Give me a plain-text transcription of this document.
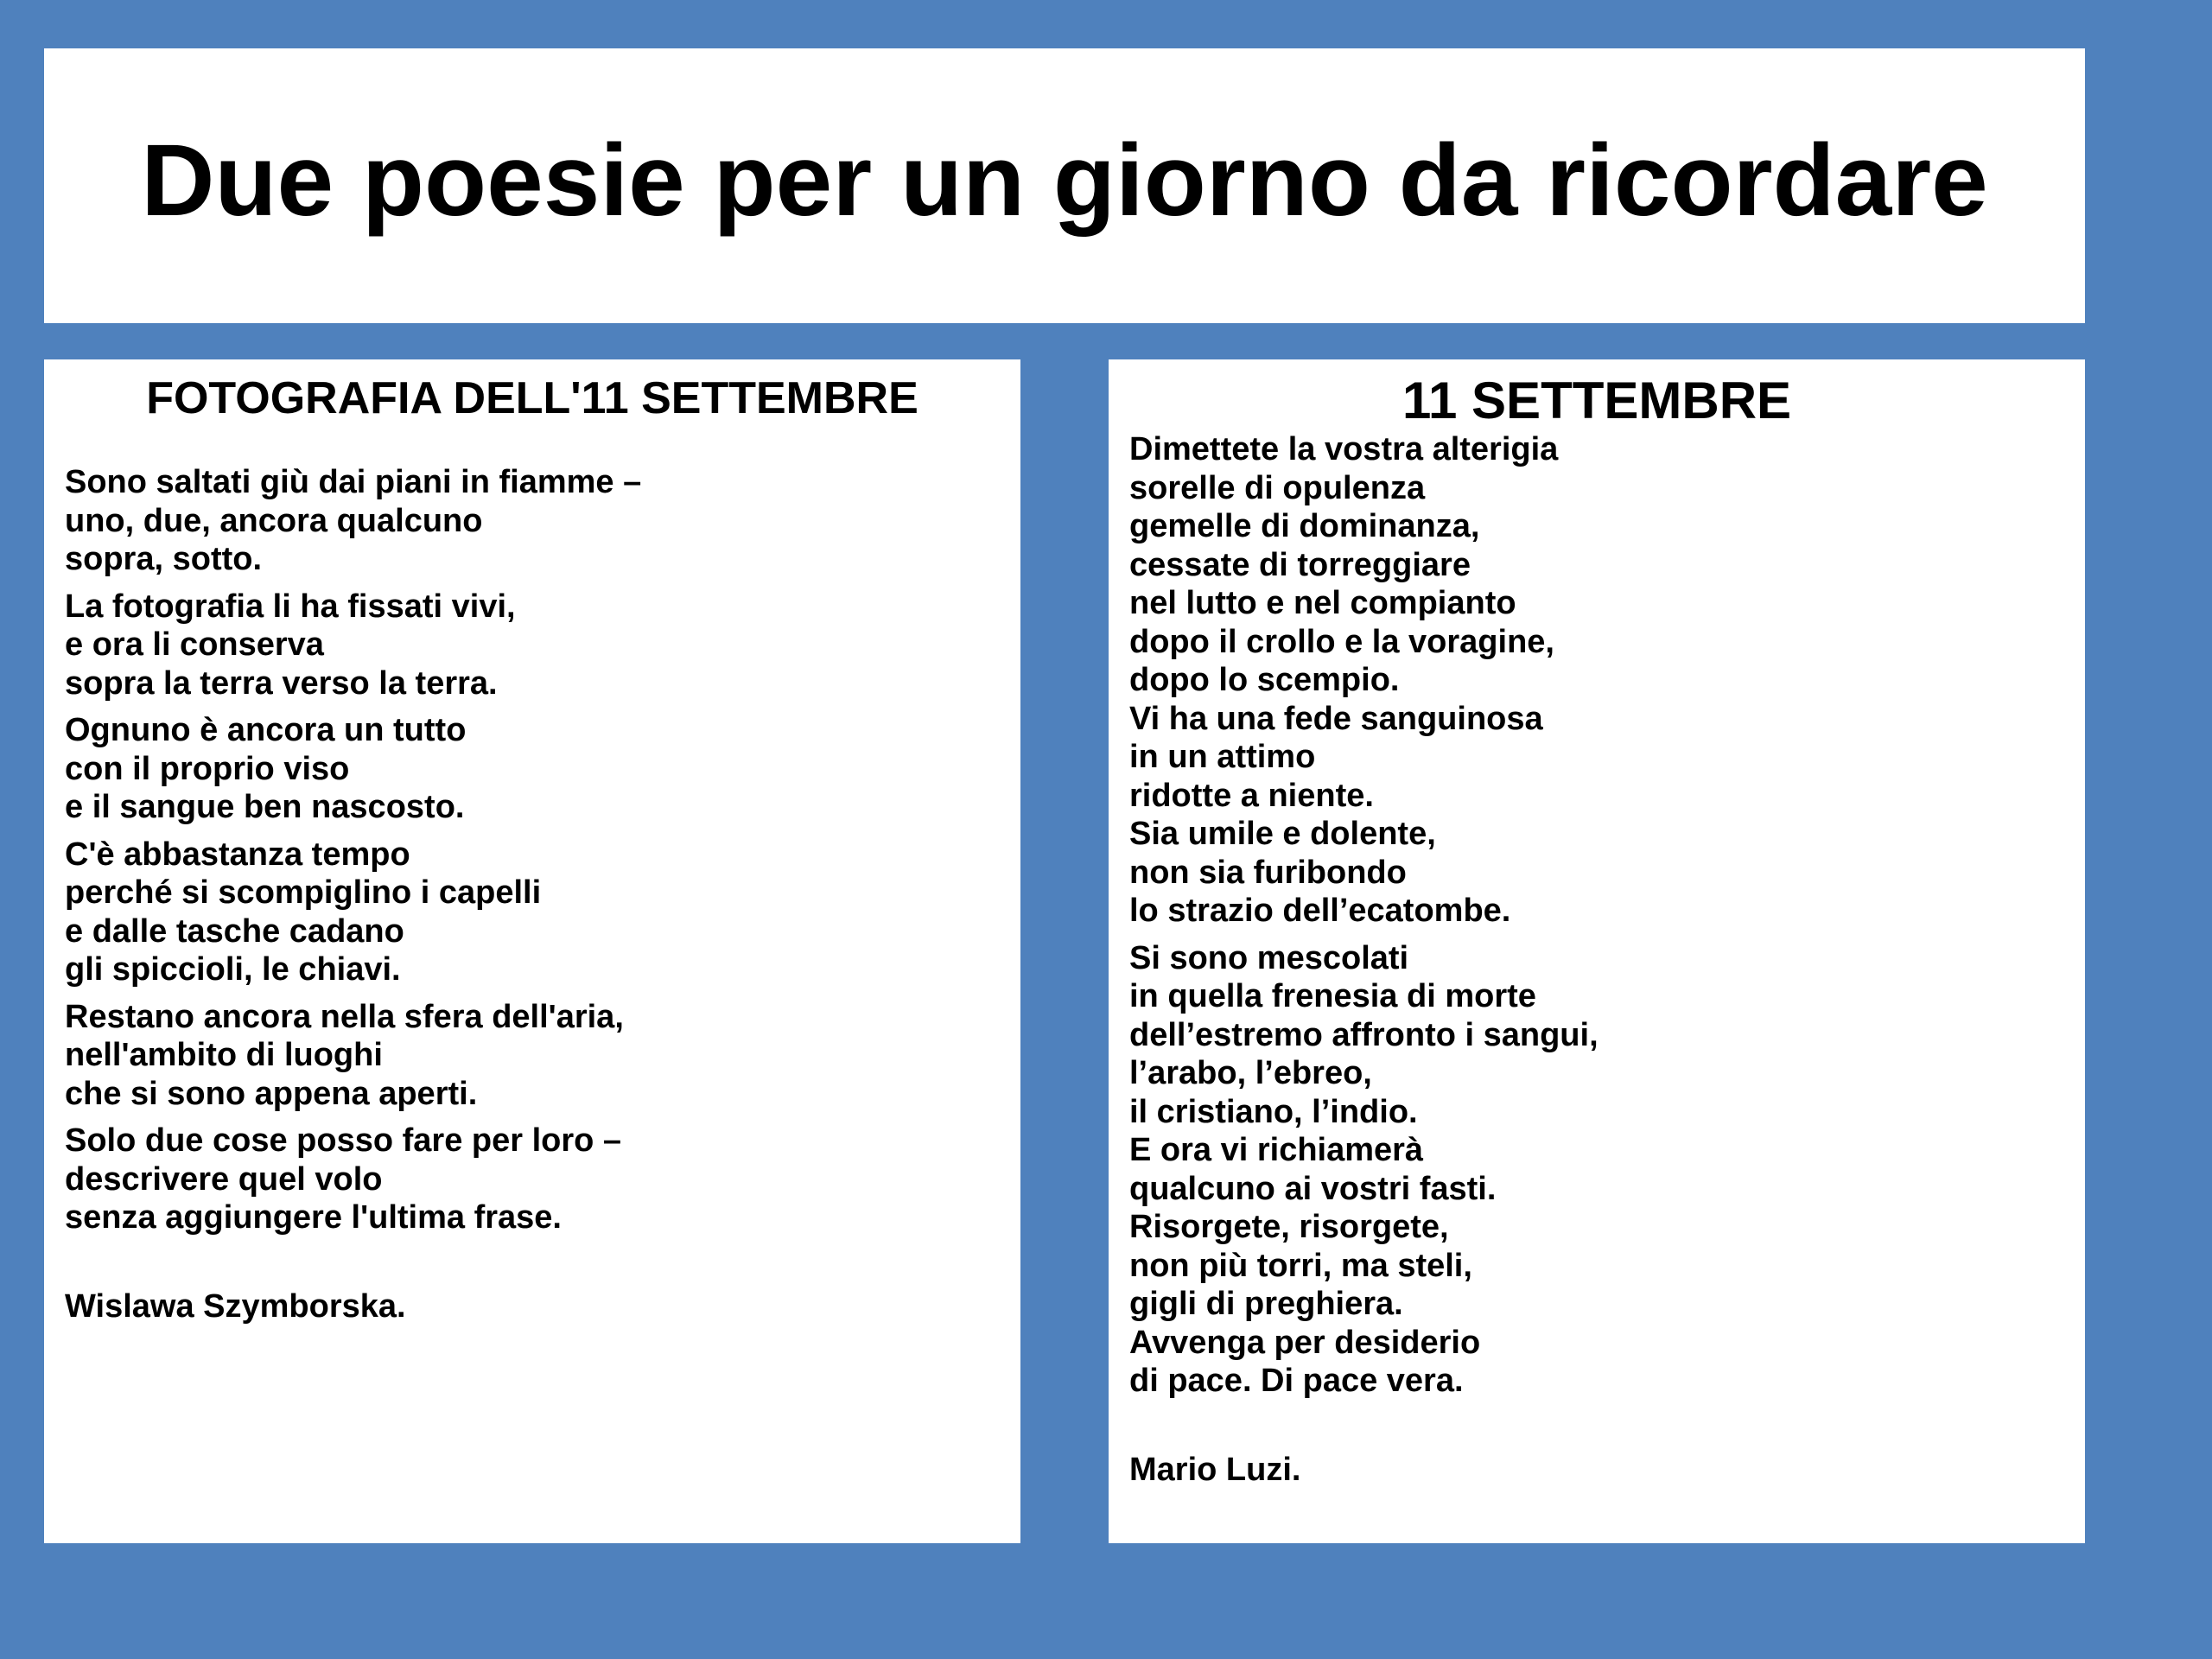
Due poesie per un giorno da ricordare
FOTOGRAFIA DELL'11 SETTEMBRE
Sono saltati giù dai piani in fiamme –
uno, due, ancora qualcuno
sopra, sotto.
La fotografia li ha fissati vivi,
e ora li conserva
sopra la terra verso la terra.
Ognuno è ancora un tutto
con il proprio viso
e il sangue ben nascosto.
C'è abbastanza tempo
perché si scompiglino i capelli
e dalle tasche cadano
gli spiccioli, le chiavi.
Restano ancora nella sfera dell'aria,
nell'ambito di luoghi
che si sono appena aperti.
Solo due cose posso fare per loro –
descrivere quel volo
senza aggiungere l'ultima frase.
Wislawa Szymborska.
11 SETTEMBRE
Dimettete la vostra alterigia
sorelle di opulenza
gemelle di dominanza,
cessate di torreggiare
nel lutto e nel compianto
dopo il crollo e la voragine,
dopo lo scempio.
Vi ha una fede sanguinosa
in un attimo
ridotte a niente.
Sia umile e dolente,
non sia furibondo
lo strazio dell’ecatombe.
Si sono mescolati
in quella frenesia di morte
dell’estremo affronto i sangui,
l’arabo, l’ebreo,
il cristiano, l’indio.
E ora vi richiamerà
qualcuno ai vostri fasti.
Risorgete, risorgete,
non più torri, ma steli,
gigli di preghiera.
Avvenga per desiderio
di pace. Di pace vera.
Mario Luzi.
